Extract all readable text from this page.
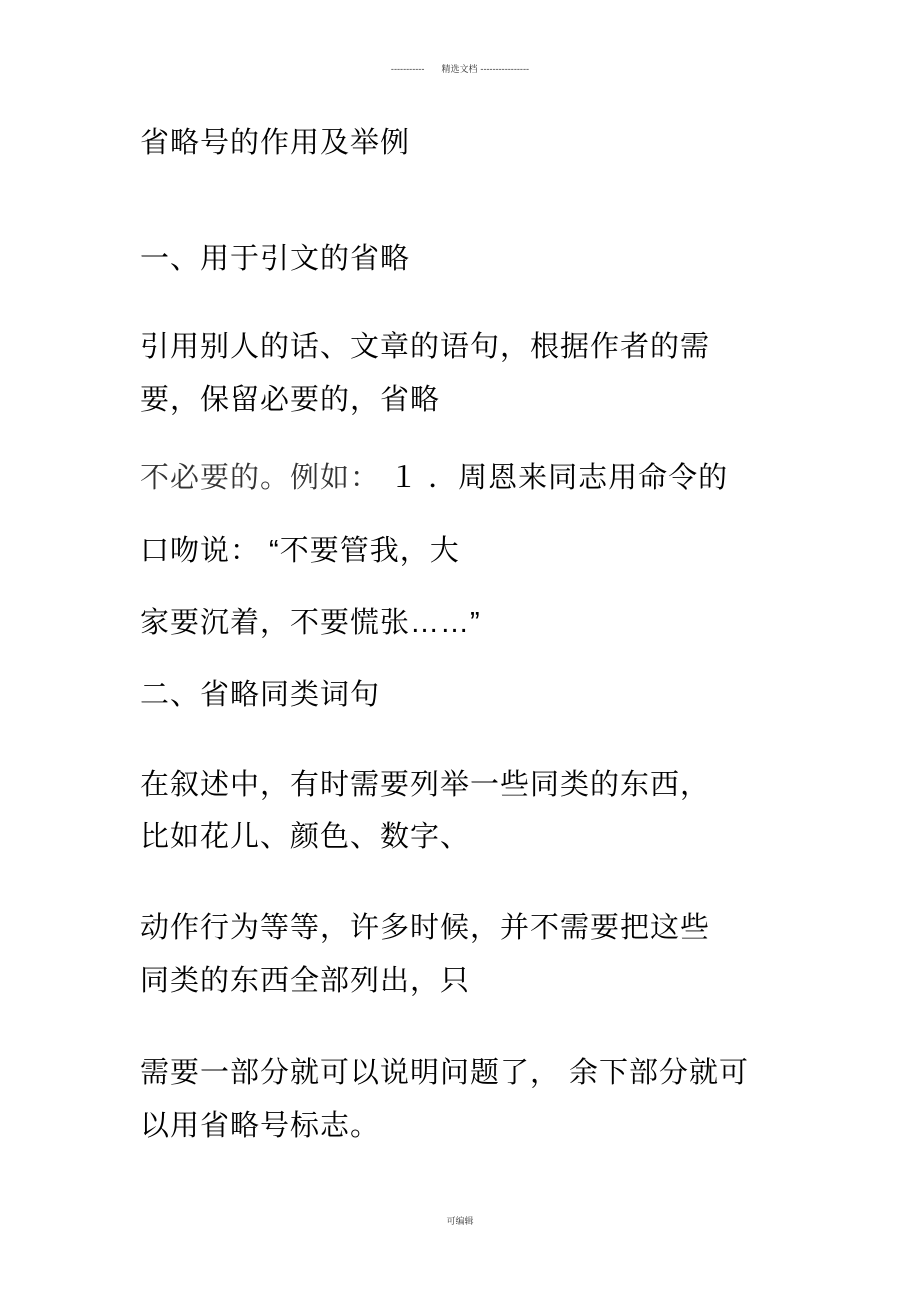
-----------      精选文档 ----------------
省略号的作用及举例
一、用于引文的省略
引用别人的话、文章的语句，根据作者的需
要，保留必要的，省略
不必要的。例如： １ ．周恩来同志用命令的
口吻说： “不要管我，大
家要沉着，不要慌张……”
二、省略同类词句
在叙述中，有时需要列举一些同类的东西，
比如花儿、颜色、数字、
动作行为等等，许多时候，并不需要把这些
同类的东西全部列出，只
需要一部分就可以说明问题了， 余下部分就可
以用省略号标志。
可编辑
